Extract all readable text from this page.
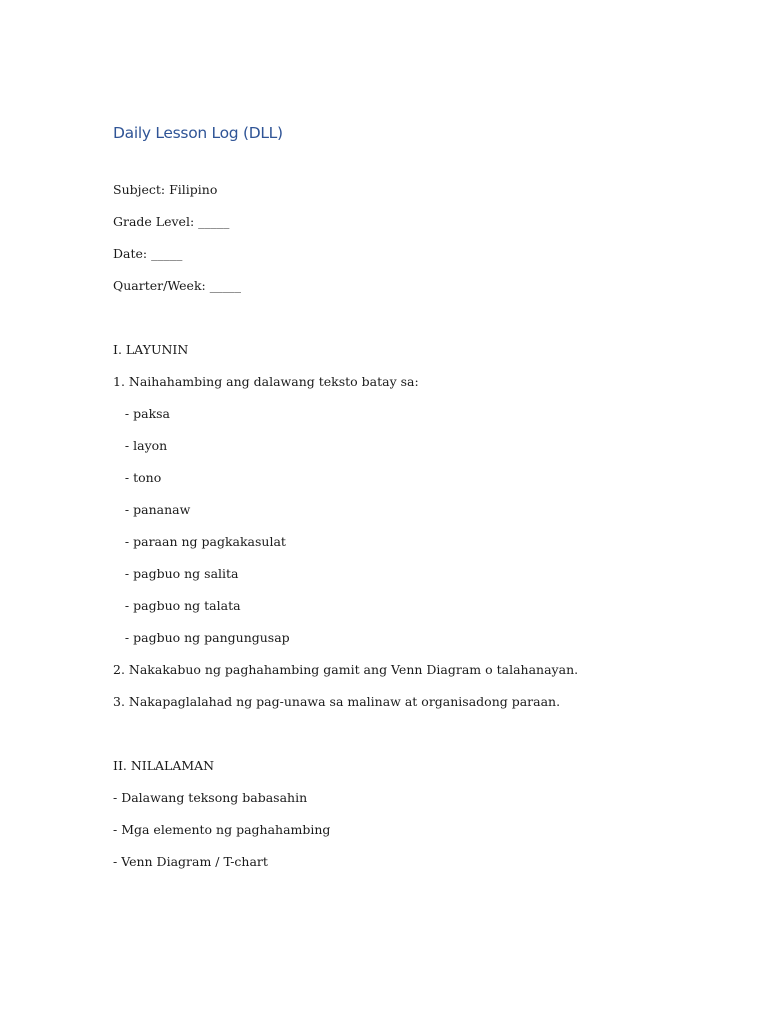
Daily Lesson Log (DLL)

Subject: Filipino

Grade Level: _____

Date: _____

Quarter/Week: _____

I. LAYUNIN

1. Naihahambing ang dalawang teksto batay sa:

- paksa

- layon

- tono

- pananaw

- paraan ng pagkakasulat

- pagbuo ng salita

- pagbuo ng talata

- pagbuo ng pangungusap

2. Nakakabuo ng paghahambing gamit ang Venn Diagram o talahanayan.

3. Nakapaglalahad ng pag-unawa sa malinaw at organisadong paraan.

II. NILALAMAN

- Dalawang teksong babasahin

- Mga elemento ng paghahambing

- Venn Diagram / T-chart
